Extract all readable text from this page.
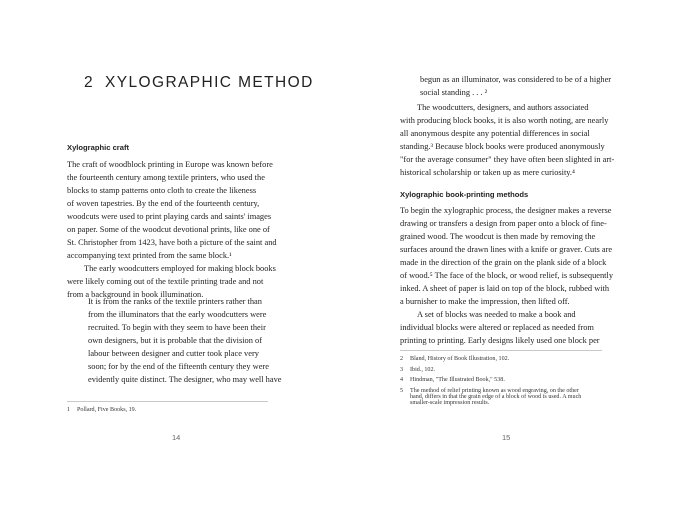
2 XYLOGRAPHIC METHOD
Xylographic craft
The craft of woodblock printing in Europe was known before
the fourteenth century among textile printers, who used the
blocks to stamp patterns onto cloth to create the likeness
of woven tapestries. By the end of the fourteenth century,
woodcuts were used to print playing cards and saints' images
on paper. Some of the woodcut devotional prints, like one of
St. Christopher from 1423, have both a picture of the saint and
accompanying text printed from the same block.¹
The early woodcutters employed for making block books
were likely coming out of the textile printing trade and not
from a background in book illumination.
It is from the ranks of the textile printers rather than
from the illuminators that the early woodcutters were
recruited. To begin with they seem to have been their
own designers, but it is probable that the division of
labour between designer and cutter took place very
soon; for by the end of the fifteenth century they were
evidently quite distinct. The designer, who may well have
1 Pollard, Five Books, 19.
14
begun as an illuminator, was considered to be of a higher
social standing . . . ²
The woodcutters, designers, and authors associated
with producing block books, it is also worth noting, are nearly
all anonymous despite any potential differences in social
standing.³ Because block books were produced anonymously
"for the average consumer" they have often been slighted in art-
historical scholarship or taken up as mere curiosity.⁴
Xylographic book-printing methods
To begin the xylographic process, the designer makes a reverse
drawing or transfers a design from paper onto a block of fine-
grained wood. The woodcut is then made by removing the
surfaces around the drawn lines with a knife or graver. Cuts are
made in the direction of the grain on the plank side of a block
of wood.⁵ The face of the block, or wood relief, is subsequently
inked. A sheet of paper is laid on top of the block, rubbed with
a burnisher to make the impression, then lifted off.
A set of blocks was needed to make a book and
individual blocks were altered or replaced as needed from
printing to printing. Early designs likely used one block per
2 Bland, History of Book Illustration, 102.
3 Ibid., 102.
4 Hindman, "The Illustrated Book," 538.
5 The method of relief printing known as wood engraving, on the other
hand, differs in that the grain edge of a block of wood is used. A much
smaller-scale impression results.
15
